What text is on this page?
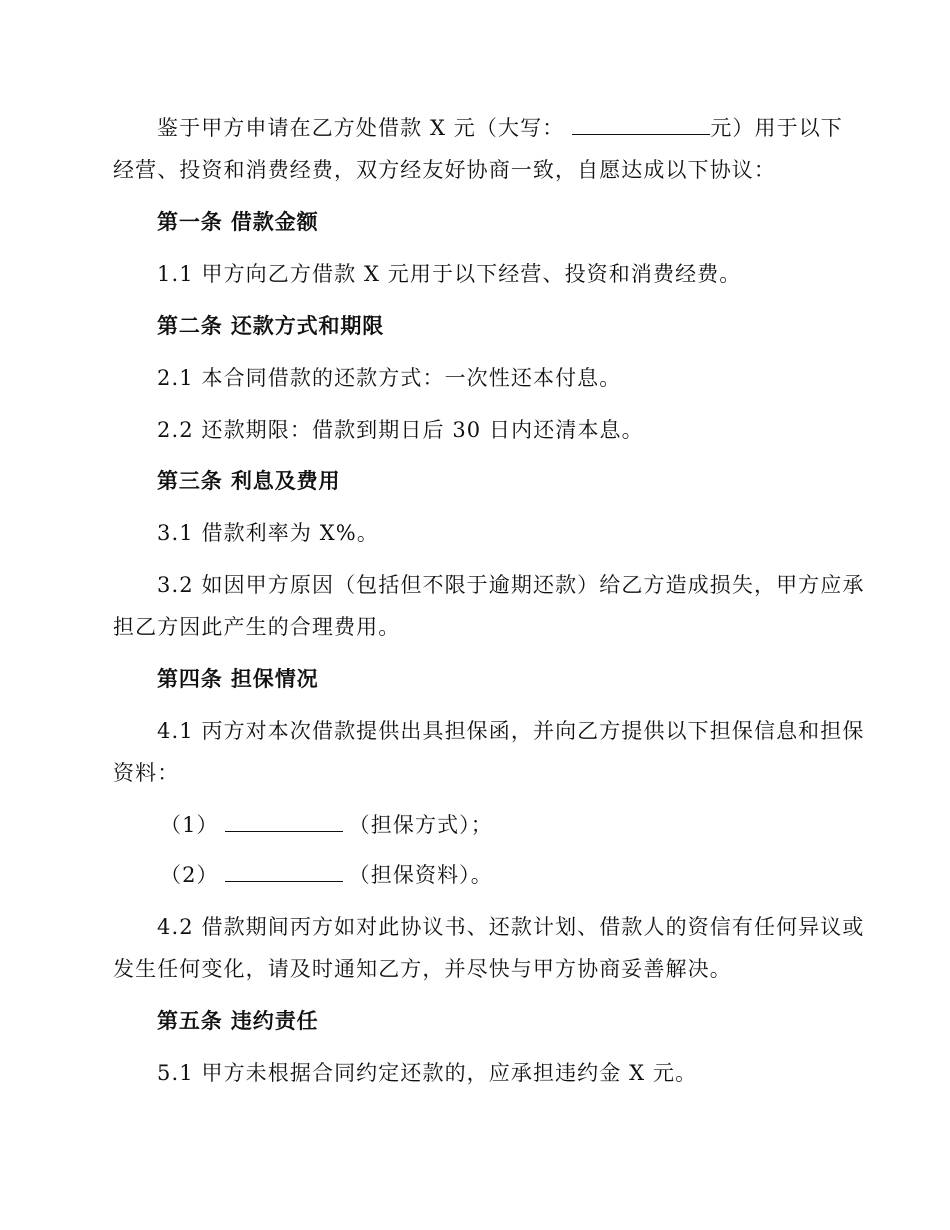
鉴于甲方申请在乙方处借款 X 元（大写：	元）用于以下
经营、投资和消费经费，双方经友好协商一致，自愿达成以下协议：
第一条 借款金额
1.1 甲方向乙方借款 X 元用于以下经营、投资和消费经费。
第二条 还款方式和期限
2.1 本合同借款的还款方式：一次性还本付息。
2.2 还款期限：借款到期日后 30 日内还清本息。
第三条 利息及费用
3.1 借款利率为 X%。
3.2 如因甲方原因（包括但不限于逾期还款）给乙方造成损失，甲方应承
担乙方因此产生的合理费用。
第四条 担保情况
4.1 丙方对本次借款提供出具担保函，并向乙方提供以下担保信息和担保
资料：
（1）	（担保方式）；
（2）	（担保资料）。
4.2 借款期间丙方如对此协议书、还款计划、借款人的资信有任何异议或
发生任何变化，请及时通知乙方，并尽快与甲方协商妥善解决。
第五条 违约责任
5.1 甲方未根据合同约定还款的，应承担违约金 X 元。
